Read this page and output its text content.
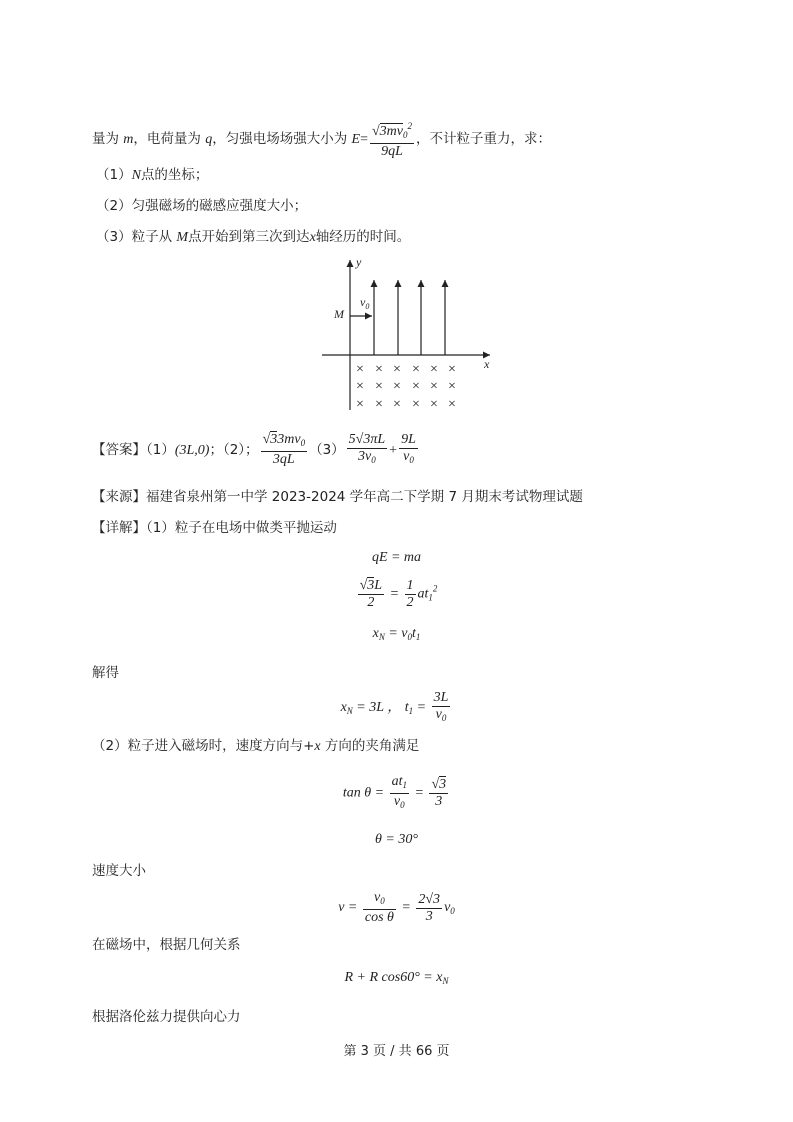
量为 m，电荷量为 q，匀强电场场强大小为 $E= \frac{√3mv_0^2}{9qL}$ ，不计粒子重力，求：
（1）N点的坐标；
（2）匀强磁场的磁感应强度大小；
（3）粒子从 M点开始到第三次到达x轴经历的时间。
y
x
M
$v_0$
× × × × × ×
× × × × × ×
× × × × × ×
【答案】（1）(3L,0)；（2）； $\frac{√33mv_0}{3qL} (3) \frac{5√3\pi L}{3v_0} + \frac{9L}{v_0}$
【来源】福建省泉州第一中学 2023-2024 学年高二下学期 7 月期末考试物理试题
【详解】（1）粒子在电场中做类平抛运动
qE = ma
$\frac{√3L}{2} = \frac{1}{2} at_1^2$
$x_N = v_0t_1$
解得
$x_N = 3L$ ， $t_1 = \frac{3L}{v_0}$
（2）粒子进入磁场时，速度方向与+x 方向的夹角满足
$\tan \theta = \frac{at_1}{v_0} = \frac{√3}{3}$
θ = 30°
速度大小
$v = \frac{v_0}{\text{cos θ}} = \frac{2√3}{3} v_0$
在磁场中，根据几何关系
R + R $\cos 60^\circ = x_N$
根据洛伦兹力提供向心力
第 3 页 / 共 66 页
